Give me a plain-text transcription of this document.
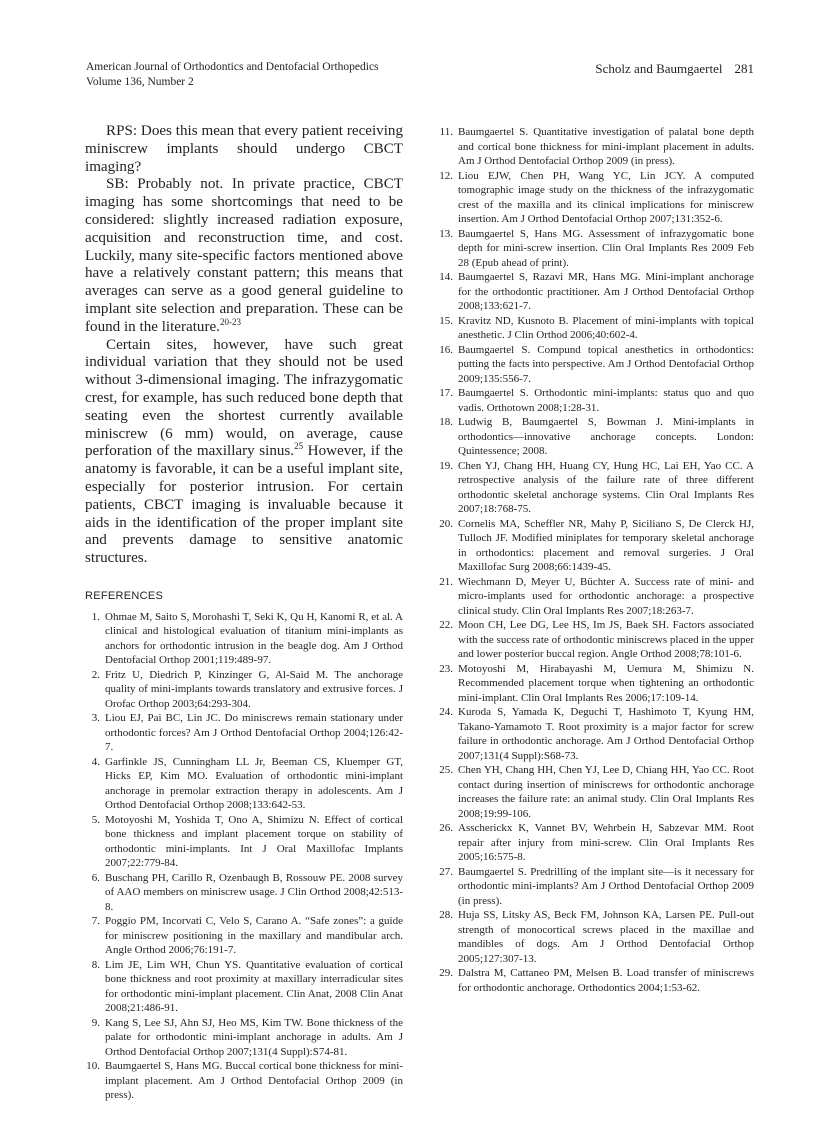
American Journal of Orthodontics and Dentofacial Orthopedics
Volume 136, Number 2
Scholz and Baumgaertel 281

RPS: Does this mean that every patient receiving miniscrew implants should undergo CBCT imaging?

SB: Probably not. In private practice, CBCT imaging has some shortcomings that need to be considered: slightly increased radiation exposure, acquisition and reconstruction time, and cost. Luckily, many site-specific factors mentioned above have a relatively constant pattern; this means that averages can serve as a good general guideline to implant site selection and preparation. These can be found in the literature.$^{20-23}$

Certain sites, however, have such great individual variation that they should not be used without 3-dimensional imaging. The infrazygomatic crest, for example, has such reduced bone depth that seating even the shortest currently available miniscrew (6 mm) would, on average, cause perforation of the maxillary sinus.$^{25}$ However, if the anatomy is favorable, it can be a useful implant site, especially for posterior intrusion. For certain patients, CBCT imaging is invaluable because it aids in the identification of the proper implant site and prevents damage to sensitive anatomic structures.

REFERENCES
1. Ohmae M, Saito S, Morohashi T, Seki K, Qu H, Kanomi R, et al. A clinical and histological evaluation of titanium mini-implants as anchors for orthodontic intrusion in the beagle dog. Am J Orthod Dentofacial Orthop 2001;119:489-97.
2. Fritz U, Diedrich P, Kinzinger G, Al-Said M. The anchorage quality of mini-implants towards translatory and extrusive forces. J Orofac Orthop 2003;64:293-304.
3. Liou EJ, Pai BC, Lin JC. Do miniscrews remain stationary under orthodontic forces? Am J Orthod Dentofacial Orthop 2004;126:42-7.
4. Garfinkle JS, Cunningham LL Jr, Beeman CS, Kluemper GT, Hicks EP, Kim MO. Evaluation of orthodontic mini-implant anchorage in premolar extraction therapy in adolescents. Am J Orthod Dentofacial Orthop 2008;133:642-53.
5. Motoyoshi M, Yoshida T, Ono A, Shimizu N. Effect of cortical bone thickness and implant placement torque on stability of orthodontic mini-implants. Int J Oral Maxillofac Implants 2007;22:779-84.
6. Buschang PH, Carillo R, Ozenbaugh B, Rossouw PE. 2008 survey of AAO members on miniscrew usage. J Clin Orthod 2008;42:513-8.
7. Poggio PM, Incorvati C, Velo S, Carano A. “Safe zones”: a guide for miniscrew positioning in the maxillary and mandibular arch. Angle Orthod 2006;76:191-7.
8. Lim JE, Lim WH, Chun YS. Quantitative evaluation of cortical bone thickness and root proximity at maxillary interradicular sites for orthodontic mini-implant placement. Clin Anat, 2008 Clin Anat 2008;21:486-91.
9. Kang S, Lee SJ, Ahn SJ, Heo MS, Kim TW. Bone thickness of the palate for orthodontic mini-implant anchorage in adults. Am J Orthod Dentofacial Orthop 2007;131(4 Suppl):S74-81.
10. Baumgaertel S, Hans MG. Buccal cortical bone thickness for mini-implant placement. Am J Orthod Dentofacial Orthop 2009 (in press).
11. Baumgaertel S. Quantitative investigation of palatal bone depth and cortical bone thickness for mini-implant placement in adults. Am J Orthod Dentofacial Orthop 2009 (in press).
12. Liou EJW, Chen PH, Wang YC, Lin JCY. A computed tomographic image study on the thickness of the infrazygomatic crest of the maxilla and its clinical implications for miniscrew insertion. Am J Orthod Dentofacial Orthop 2007;131:352-6.
13. Baumgaertel S, Hans MG. Assessment of infrazygomatic bone depth for mini-screw insertion. Clin Oral Implants Res 2009 Feb 28 (Epub ahead of print).
14. Baumgaertel S, Razavi MR, Hans MG. Mini-implant anchorage for the orthodontic practitioner. Am J Orthod Dentofacial Orthop 2008;133:621-7.
15. Kravitz ND, Kusnoto B. Placement of mini-implants with topical anesthetic. J Clin Orthod 2006;40:602-4.
16. Baumgaertel S. Compund topical anesthetics in orthodontics: putting the facts into perspective. Am J Orthod Dentofacial Orthop 2009;135:556-7.
17. Baumgaertel S. Orthodontic mini-implants: status quo and quo vadis. Orthotown 2008;1:28-31.
18. Ludwig B, Baumgaertel S, Bowman J. Mini-implants in orthodontics—innovative anchorage concepts. London: Quintessence; 2008.
19. Chen YJ, Chang HH, Huang CY, Hung HC, Lai EH, Yao CC. A retrospective analysis of the failure rate of three different orthodontic skeletal anchorage systems. Clin Oral Implants Res 2007;18:768-75.
20. Cornelis MA, Scheffler NR, Mahy P, Siciliano S, De Clerck HJ, Tulloch JF. Modified miniplates for temporary skeletal anchorage in orthodontics: placement and removal surgeries. J Oral Maxillofac Surg 2008;66:1439-45.
21. Wiechmann D, Meyer U, Büchter A. Success rate of mini- and micro-implants used for orthodontic anchorage: a prospective clinical study. Clin Oral Implants Res 2007;18:263-7.
22. Moon CH, Lee DG, Lee HS, Im JS, Baek SH. Factors associated with the success rate of orthodontic miniscrews placed in the upper and lower posterior buccal region. Angle Orthod 2008;78:101-6.
23. Motoyoshi M, Hirabayashi M, Uemura M, Shimizu N. Recommended placement torque when tightening an orthodontic mini-implant. Clin Oral Implants Res 2006;17:109-14.
24. Kuroda S, Yamada K, Deguchi T, Hashimoto T, Kyung HM, Takano-Yamamoto T. Root proximity is a major factor for screw failure in orthodontic anchorage. Am J Orthod Dentofacial Orthop 2007;131(4 Suppl):S68-73.
25. Chen YH, Chang HH, Chen YJ, Lee D, Chiang HH, Yao CC. Root contact during insertion of miniscrews for orthodontic anchorage increases the failure rate: an animal study. Clin Oral Implants Res 2008;19:99-106.
26. Asscherickx K, Vannet BV, Wehrbein H, Sabzevar MM. Root repair after injury from mini-screw. Clin Oral Implants Res 2005;16:575-8.
27. Baumgaertel S. Predrilling of the implant site—is it necessary for orthodontic mini-implants? Am J Orthod Dentofacial Orthop 2009 (in press).
28. Huja SS, Litsky AS, Beck FM, Johnson KA, Larsen PE. Pull-out strength of monocortical screws placed in the maxillae and mandibles of dogs. Am J Orthod Dentofacial Orthop 2005;127:307-13.
29. Dalstra M, Cattaneo PM, Melsen B. Load transfer of miniscrews for orthodontic anchorage. Orthodontics 2004;1:53-62.
